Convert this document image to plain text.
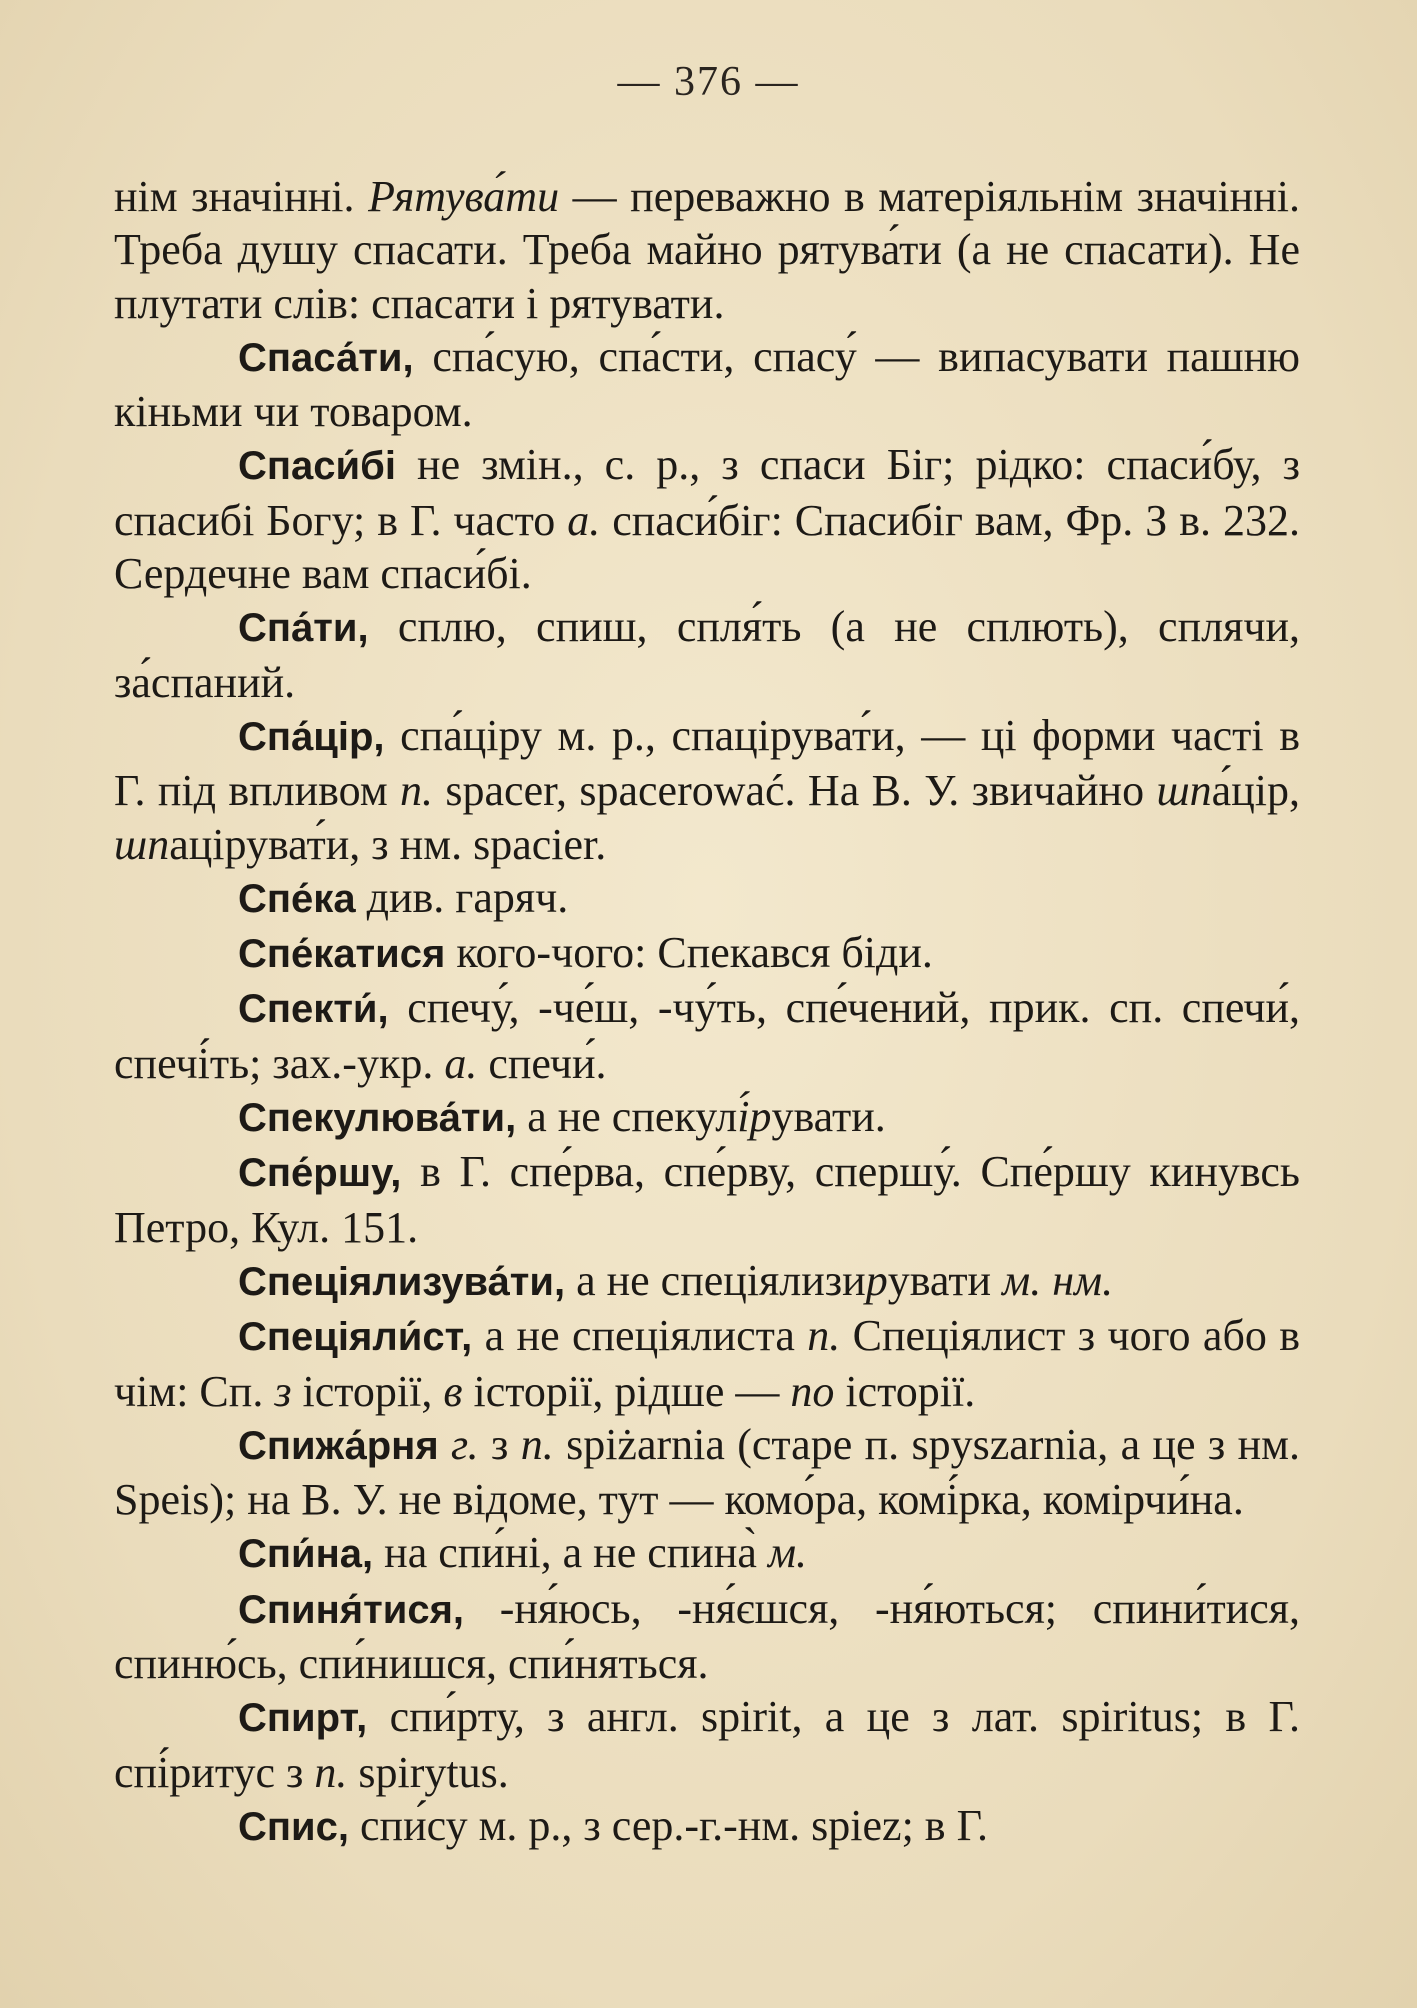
— 376 —

нім значінні. Рятува́ти — переважно в матеріяльнім значінні. Треба душу спасати. Треба майно рятува́ти (а не спасати). Не плутати слів: спасати і рятувати.

Спаса́ти, спа́сую, спа́сти, спасу́ — випасувати пашню кіньми чи товаром.

Спаси́бі не змін., с. р., з спаси Біг; рідко: спаси́бу, з спасибі Богу; в Г. часто а. спаси́біг: Спасибіг вам, Фр. З в. 232. Сердечне вам спаси́бі.

Спа́ти, сплю, спиш, спля́ть (а не сплють), сплячи, за́спаний.

Спа́цір, спа́ціру м. р., спаціруват́и, — ці форми часті в Г. під впливом п. spacer, spacerować. На В. У. звичайно шпа́цір, шпаціруват́и, з нм. spacier.

Спе́ка див. гаряч.

Спе́катися кого-чого: Спекався біди.

Спекти́, спечу́, -че́ш, -чу́ть, спе́чений, прик. сп. спечи́, спечі́ть; зах.-укр. а. спечи́.

Спекулюва́ти, а не спекулі́рувати.

Спе́ршу, в Г. спе́рва, спе́рву, спершу́. Спе́ршу кинувсь Петро, Кул. 151.

Спеціялизува́ти, а не спеціялизирувати м. нм.

Спеціяли́ст, а не спеціялиста п. Спеціялист з чого або в чім: Сп. з історії, в історії, рідше — по історії.

Спижа́рня г. з п. spiżarnia (старе п. spyszarnia, а це з нм. Speis); на В. У. не відоме, тут — комо́ра, комі́рка, комірчи́на.

Спи́на, на спи́ні, а не спина̀ м.

Спиня́тися, -ня́юсь, -ня́єшся, -ня́ються; спини́тися, спиню́сь, спи́нишся, спи́няться.

Спирт, спи́рту, з англ. spirit, а це з лат. spiritus; в Г. спі́ритус з п. spirytus.

Спис, спи́су м. р., з сер.-г.-нм. spiez; в Г.
